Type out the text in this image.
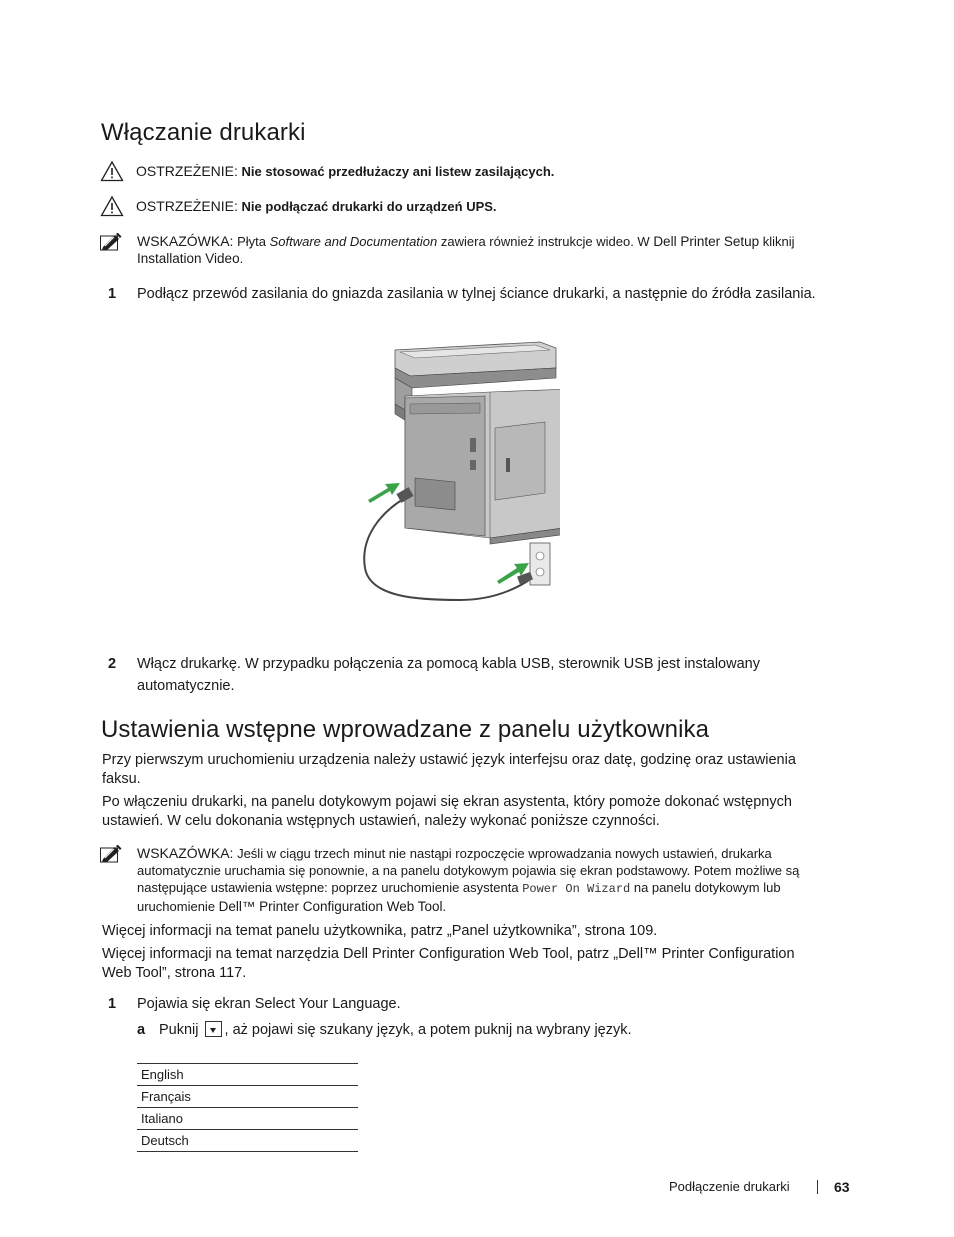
Włączanie drukarki
OSTRZEŻENIE: Nie stosować przedłużaczy ani listew zasilających.
OSTRZEŻENIE: Nie podłączać drukarki do urządzeń UPS.
WSKAZÓWKA: Płyta Software and Documentation zawiera również instrukcje wideo. W Dell Printer Setup kliknij Installation Video.
1 Podłącz przewód zasilania do gniazda zasilania w tylnej ściance drukarki, a następnie do źródła zasilania.
2 Włącz drukarkę. W przypadku połączenia za pomocą kabla USB, sterownik USB jest instalowany automatycznie.
Ustawienia wstępne wprowadzane z panelu użytkownika
Przy pierwszym uruchomieniu urządzenia należy ustawić język interfejsu oraz datę, godzinę oraz ustawienia faksu.
Po włączeniu drukarki, na panelu dotykowym pojawi się ekran asystenta, który pomoże dokonać wstępnych ustawień. W celu dokonania wstępnych ustawień, należy wykonać poniższe czynności.
WSKAZÓWKA: Jeśli w ciągu trzech minut nie nastąpi rozpoczęcie wprowadzania nowych ustawień, drukarka automatycznie uruchamia się ponownie, a na panelu dotykowym pojawia się ekran podstawowy. Potem możliwe są następujące ustawienia wstępne: poprzez uruchomienie asystenta Power On Wizard na panelu dotykowym lub uruchomienie Dell™ Printer Configuration Web Tool.
Więcej informacji na temat panelu użytkownika, patrz „Panel użytkownika”, strona 109.
Więcej informacji na temat narzędzia Dell Printer Configuration Web Tool, patrz „Dell™ Printer Configuration Web Tool”, strona 117.
1 Pojawia się ekran Select Your Language.
a Puknij , aż pojawi się szukany język, a potem puknij na wybrany język.
English
Français
Italiano
Deutsch
Podłączenie drukarki	63
